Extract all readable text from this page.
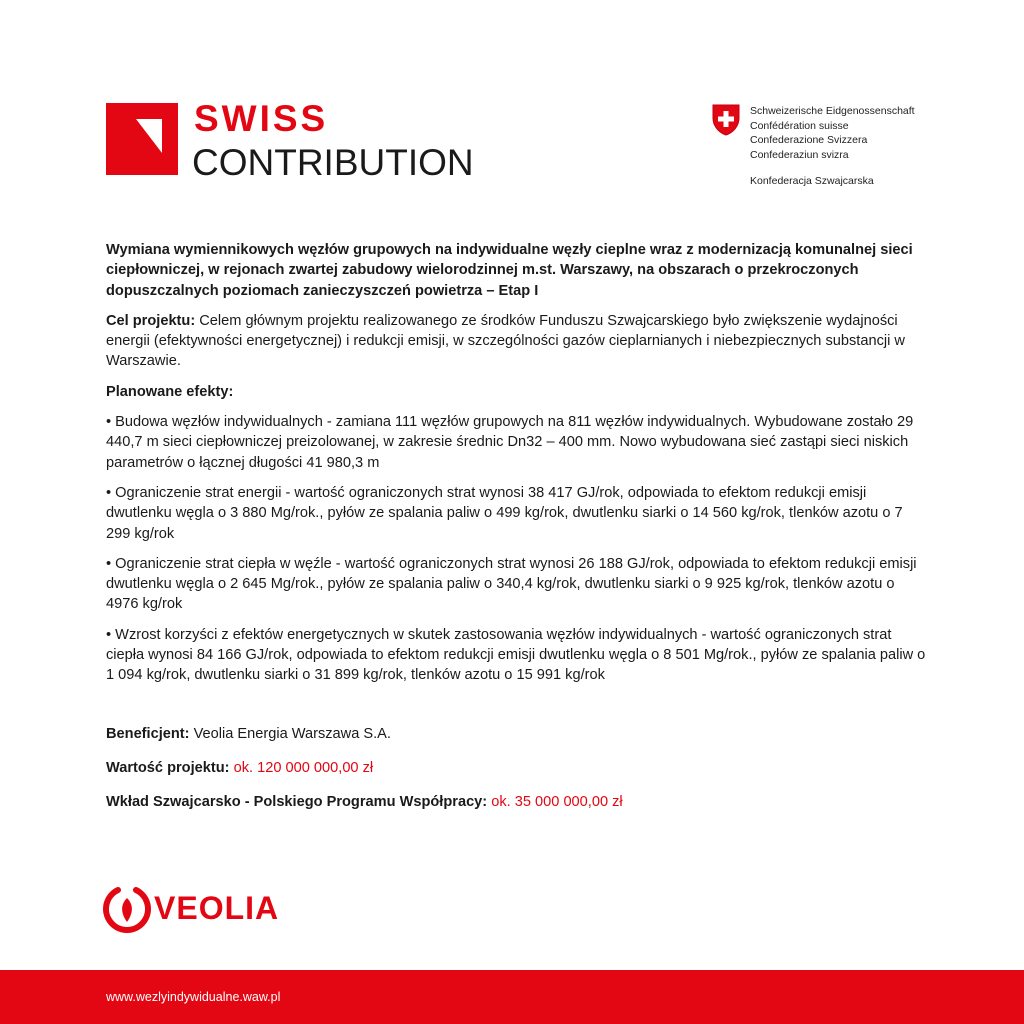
SWISS
CONTRIBUTION
Schweizerische Eidgenossenschaft
Confédération suisse
Confederazione Svizzera
Confederaziun svizra
Konfederacja Szwajcarska

Wymiana wymiennikowych węzłów grupowych na indywidualne węzły cieplne wraz z modernizacją komunalnej sieci ciepłowniczej, w rejonach zwartej zabudowy wielorodzinnej m.st. Warszawy, na obszarach o przekroczonych dopuszczalnych poziomach zanieczyszczeń powietrza – Etap I

Cel projektu: Celem głównym projektu realizowanego ze środków Funduszu Szwajcarskiego było zwiększenie wydajności energii (efektywności energetycznej) i redukcji emisji, w szczególności gazów cieplarnianych i niebezpiecznych substancji w Warszawie.

Planowane efekty:

• Budowa węzłów indywidualnych - zamiana 111 węzłów grupowych na 811 węzłów indywidualnych. Wybudowane zostało 29 440,7 m sieci ciepłowniczej preizolowanej, w zakresie średnic Dn32 – 400 mm. Nowo wybudowana sieć zastąpi sieci niskich parametrów o łącznej długości 41 980,3 m

• Ograniczenie strat energii - wartość ograniczonych strat wynosi 38 417 GJ/rok, odpowiada to efektom redukcji emisji dwutlenku węgla o 3 880 Mg/rok., pyłów ze spalania paliw o 499 kg/rok, dwutlenku siarki o 14 560 kg/rok, tlenków azotu o 7 299 kg/rok

• Ograniczenie strat ciepła w węźle - wartość ograniczonych strat wynosi 26 188 GJ/rok, odpowiada to efektom redukcji emisji dwutlenku węgla o 2 645 Mg/rok., pyłów ze spalania paliw o 340,4 kg/rok, dwutlenku siarki o 9 925 kg/rok, tlenków azotu o 4976 kg/rok

• Wzrost korzyści z efektów energetycznych w skutek zastosowania węzłów indywidualnych - wartość ograniczonych strat ciepła wynosi 84 166 GJ/rok, odpowiada to efektom redukcji emisji dwutlenku węgla o 8 501 Mg/rok., pyłów ze spalania paliw o 1 094 kg/rok, dwutlenku siarki o 31 899 kg/rok, tlenków azotu o 15 991 kg/rok

Beneficjent: Veolia Energia Warszawa S.A.
Wartość projektu: ok. 120 000 000,00 zł
Wkład Szwajcarsko - Polskiego Programu Współpracy: ok. 35 000 000,00 zł
VEOLIA
www.wezlyindywidualne.waw.pl
